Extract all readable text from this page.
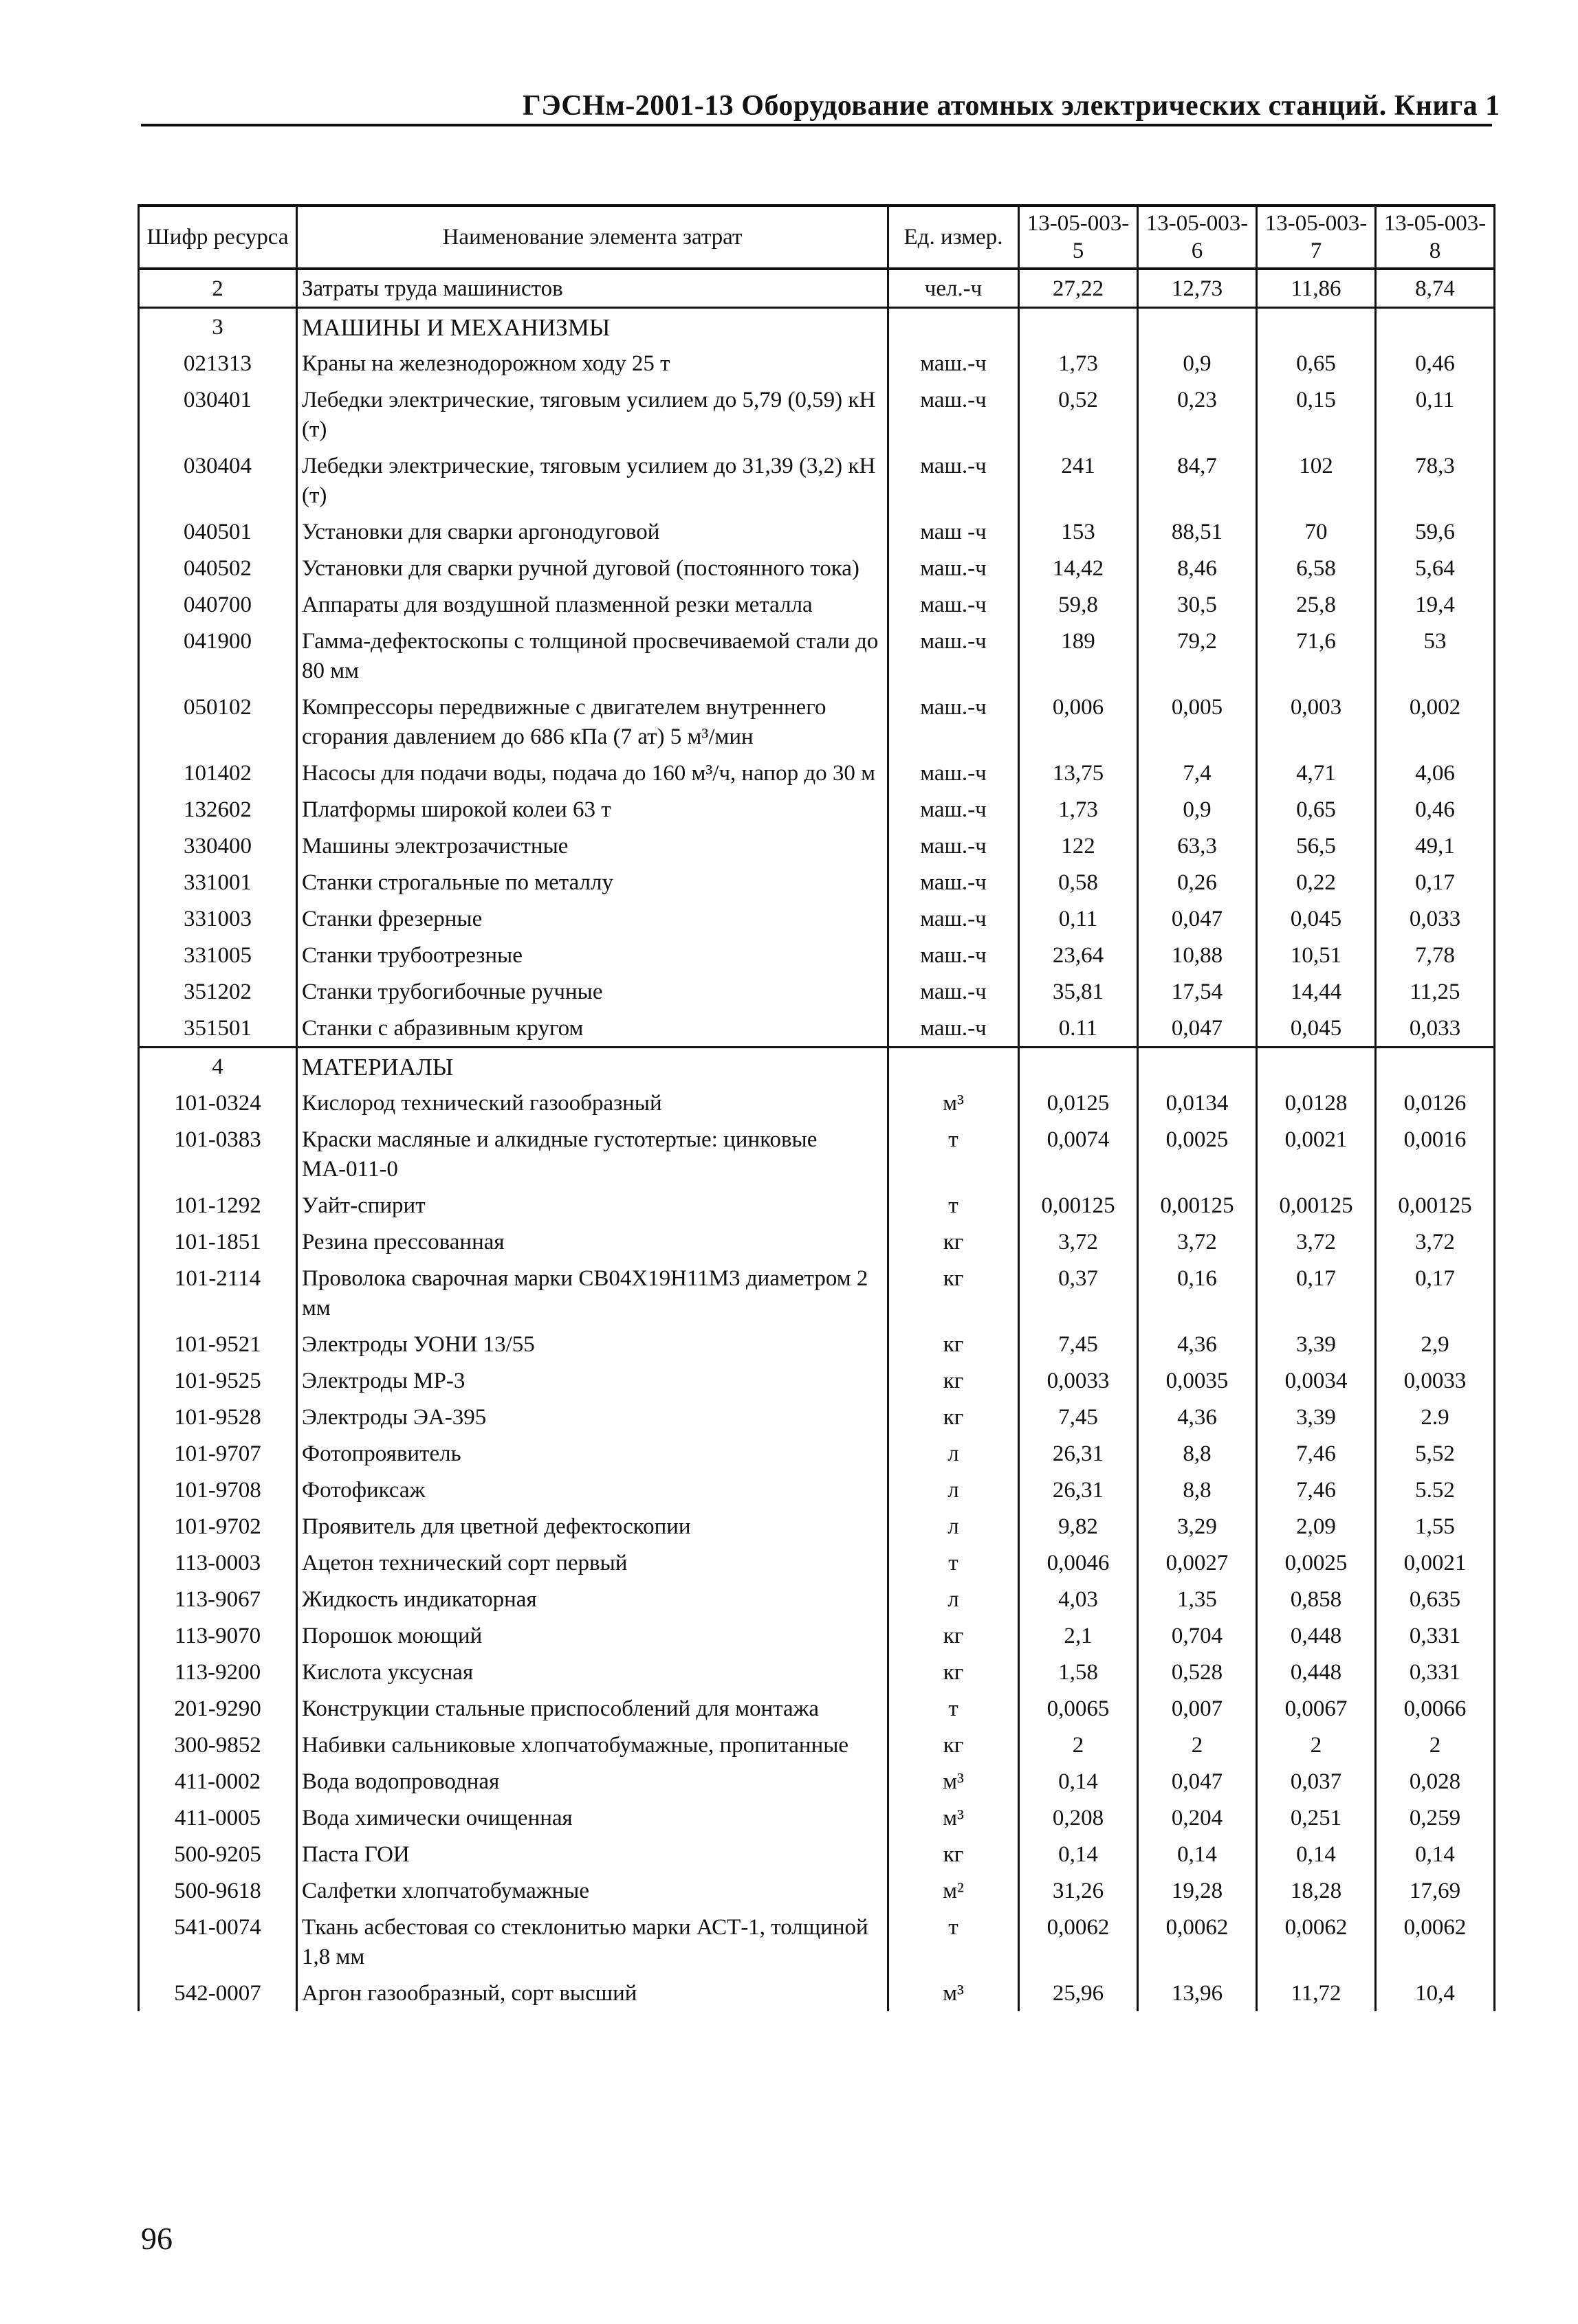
ГЭСНм-2001-13 Оборудование атомных электрических станций. Книга 1
Шифр ресурса	Наименование элемента затрат	Ед. измер.	13-05-003-5	13-05-003-6	13-05-003-7	13-05-003-8
2	Затраты труда машинистов	чел.-ч	27,22	12,73	11,86	8,74
3	МАШИНЫ И МЕХАНИЗМЫ					
021313	Краны на железнодорожном ходу 25 т	маш.-ч	1,73	0,9	0,65	0,46
030401	Лебедки электрические, тяговым усилием до 5,79 (0,59) кН (т)	маш.-ч	0,52	0,23	0,15	0,11
030404	Лебедки электрические, тяговым усилием до 31,39 (3,2) кН (т)	маш.-ч	241	84,7	102	78,3
040501	Установки для сварки аргонодуговой	маш -ч	153	88,51	70	59,6
040502	Установки для сварки ручной дуговой (постоянного тока)	маш.-ч	14,42	8,46	6,58	5,64
040700	Аппараты для воздушной плазменной резки металла	маш.-ч	59,8	30,5	25,8	19,4
041900	Гамма-дефектоскопы с толщиной просвечиваемой стали до 80 мм	маш.-ч	189	79,2	71,6	53
050102	Компрессоры передвижные с двигателем внутреннего сгорания давлением до 686 кПа (7 ат) 5 м³/мин	маш.-ч	0,006	0,005	0,003	0,002
101402	Насосы для подачи воды, подача до 160 м³/ч, напор до 30 м	маш.-ч	13,75	7,4	4,71	4,06
132602	Платформы широкой колеи 63 т	маш.-ч	1,73	0,9	0,65	0,46
330400	Машины электрозачистные	маш.-ч	122	63,3	56,5	49,1
331001	Станки строгальные по металлу	маш.-ч	0,58	0,26	0,22	0,17
331003	Станки фрезерные	маш.-ч	0,11	0,047	0,045	0,033
331005	Станки трубоотрезные	маш.-ч	23,64	10,88	10,51	7,78
351202	Станки трубогибочные ручные	маш.-ч	35,81	17,54	14,44	11,25
351501	Станки с абразивным кругом	маш.-ч	0.11	0,047	0,045	0,033
4	МАТЕРИАЛЫ					
101-0324	Кислород технический газообразный	м³	0,0125	0,0134	0,0128	0,0126
101-0383	Краски масляные и алкидные густотертые: цинковые МА-011-0	т	0,0074	0,0025	0,0021	0,0016
101-1292	Уайт-спирит	т	0,00125	0,00125	0,00125	0,00125
101-1851	Резина прессованная	кг	3,72	3,72	3,72	3,72
101-2114	Проволока сварочная марки СВ04Х19Н11М3 диаметром 2 мм	кг	0,37	0,16	0,17	0,17
101-9521	Электроды УОНИ 13/55	кг	7,45	4,36	3,39	2,9
101-9525	Электроды МР-3	кг	0,0033	0,0035	0,0034	0,0033
101-9528	Электроды ЭА-395	кг	7,45	4,36	3,39	2.9
101-9707	Фотопроявитель	л	26,31	8,8	7,46	5,52
101-9708	Фотофиксаж	л	26,31	8,8	7,46	5.52
101-9702	Проявитель для цветной дефектоскопии	л	9,82	3,29	2,09	1,55
113-0003	Ацетон технический сорт первый	т	0,0046	0,0027	0,0025	0,0021
113-9067	Жидкость индикаторная	л	4,03	1,35	0,858	0,635
113-9070	Порошок моющий	кг	2,1	0,704	0,448	0,331
113-9200	Кислота уксусная	кг	1,58	0,528	0,448	0,331
201-9290	Конструкции стальные приспособлений для монтажа	т	0,0065	0,007	0,0067	0,0066
300-9852	Набивки сальниковые хлопчатобумажные, пропитанные	кг	2	2	2	2
411-0002	Вода водопроводная	м³	0,14	0,047	0,037	0,028
411-0005	Вода химически очищенная	м³	0,208	0,204	0,251	0,259
500-9205	Паста ГОИ	кг	0,14	0,14	0,14	0,14
500-9618	Салфетки хлопчатобумажные	м²	31,26	19,28	18,28	17,69
541-0074	Ткань асбестовая со стеклонитью марки АСТ-1, толщиной 1,8 мм	т	0,0062	0,0062	0,0062	0,0062
542-0007	Аргон газообразный, сорт высший	м³	25,96	13,96	11,72	10,4
96
